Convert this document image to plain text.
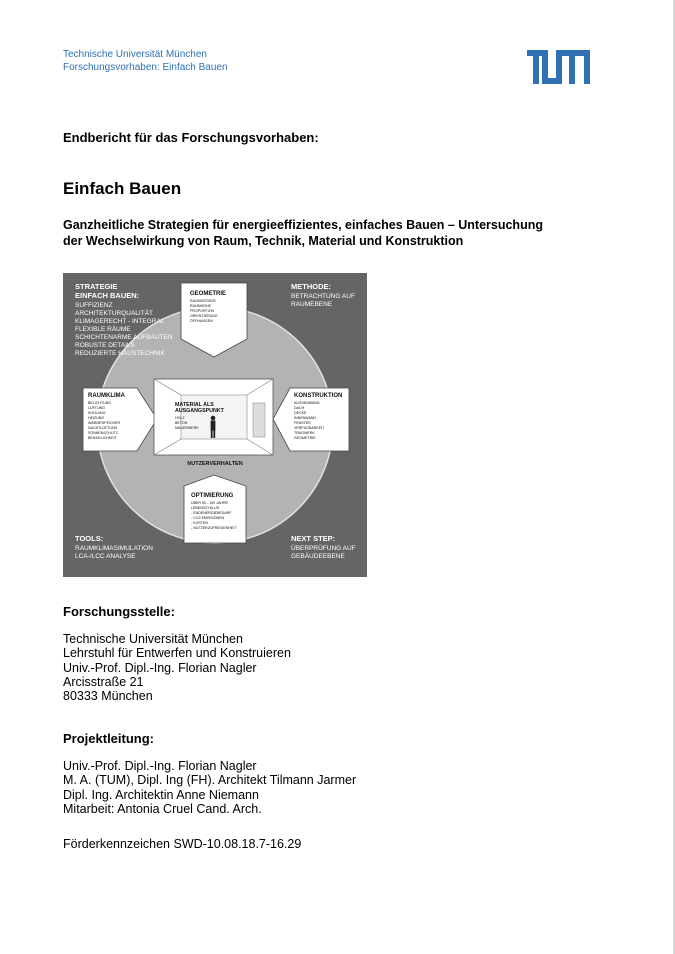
Technische Universität München
Forschungsvorhaben: Einfach Bauen
Endbericht für das Forschungsvorhaben:
Einfach Bauen
Ganzheitliche Strategien für energieeffizientes, einfaches Bauen – Untersuchung
der Wechselwirkung von Raum, Technik, Material und Konstruktion
STRATEGIE
EINFACH BAUEN:
SUFFIZIENZ
ARCHITEKTURQUALITÄT
KLIMAGERECHT - INTEGRAL
FLEXIBLE RÄUME
SCHICHTENARME AUFBAUTEN
ROBUSTE DETAILS
REDUZIERTE HAUSTECHNIK
METHODE:
BETRACHTUNG AUF
RAUMEBENE
TOOLS:
RAUMKLIMASIMULATION
LCA-/LCC ANALYSE
NEXT STEP:
ÜBERPRÜFUNG AUF
GEBÄUDEEBENE
GEOMETRIE
RAUMGRÖSSE
RAUMHÖHE
PROPORTION
ORIENTIERUNG
ÖFFNUNGEN
RAUMKLIMA
BELICHTUNG
LÜFTUNG
KÜHLUNG
HEIZUNG
WÄRMESPEICHER
NACHTLÜFTUNG
SONNENSCHUTZ
BEHAGLICHKEIT
KONSTRUKTION
AUSSENWAND
DACH
DECKE
INNENWAND
FENSTER
VERFÜGBARKEIT
TRAGWERK
GEOMETRIE
OPTIMIERUNG
ÜBER 50 - 100 JAHRE
LEBENSZYKLUS
- ENDENERGIEBEDARF
- CO2 EMISSIONEN
- KOSTEN
- NUTZERZUFRIEDENHEIT
MATERIAL ALS
AUSGANGSPUNKT
HOLZ
BETON
MAUERWERK
NUTZERVERHALTEN
Forschungsstelle:
Technische Universität München
Lehrstuhl für Entwerfen und Konstruieren
Univ.-Prof. Dipl.-Ing. Florian Nagler
Arcisstraße 21
80333 München
Projektleitung:
Univ.-Prof. Dipl.-Ing. Florian Nagler
M. A. (TUM), Dipl. Ing (FH). Architekt Tilmann Jarmer
Dipl. Ing. Architektin Anne Niemann
Mitarbeit: Antonia Cruel Cand. Arch.
Förderkennzeichen SWD-10.08.18.7-16.29
